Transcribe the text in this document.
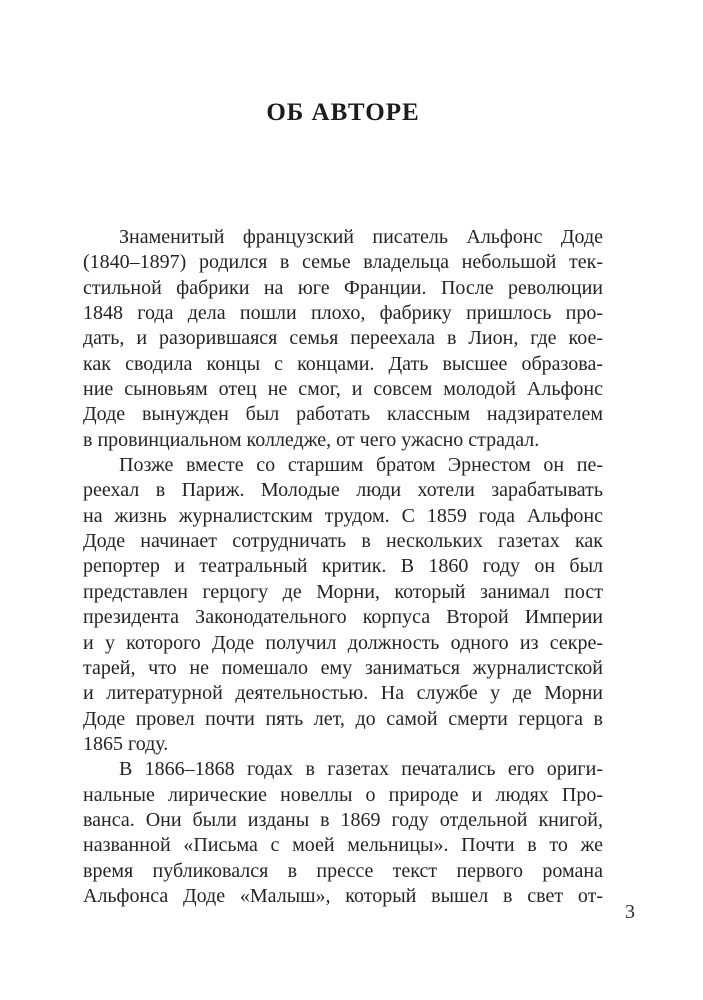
ОБ АВТОРЕ
Знаменитый французский писатель Альфонс Доде
(1840–1897) родился в семье владельца небольшой тек-
стильной фабрики на юге Франции. После революции
1848 года дела пошли плохо, фабрику пришлось про-
дать, и разорившаяся семья переехала в Лион, где кое-
как сводила концы с концами. Дать высшее образова-
ние сыновьям отец не смог, и совсем молодой Альфонс
Доде вынужден был работать классным надзирателем
в провинциальном колледже, от чего ужасно страдал.
Позже вместе со старшим братом Эрнестом он пе-
реехал в Париж. Молодые люди хотели зарабатывать
на жизнь журналистским трудом. С 1859 года Альфонс
Доде начинает сотрудничать в нескольких газетах как
репортер и театральный критик. В 1860 году он был
представлен герцогу де Морни, который занимал пост
президента Законодательного корпуса Второй Империи
и у которого Доде получил должность одного из секре-
тарей, что не помешало ему заниматься журналистской
и литературной деятельностью. На службе у де Морни
Доде провел почти пять лет, до самой смерти герцога в
1865 году.
В 1866–1868 годах в газетах печатались его ориги-
нальные лирические новеллы о природе и людях Про-
ванса. Они были изданы в 1869 году отдельной книгой,
названной «Письма с моей мельницы». Почти в то же
время публиковался в прессе текст первого романа
Альфонса Доде «Малыш», который вышел в свет от-
3
